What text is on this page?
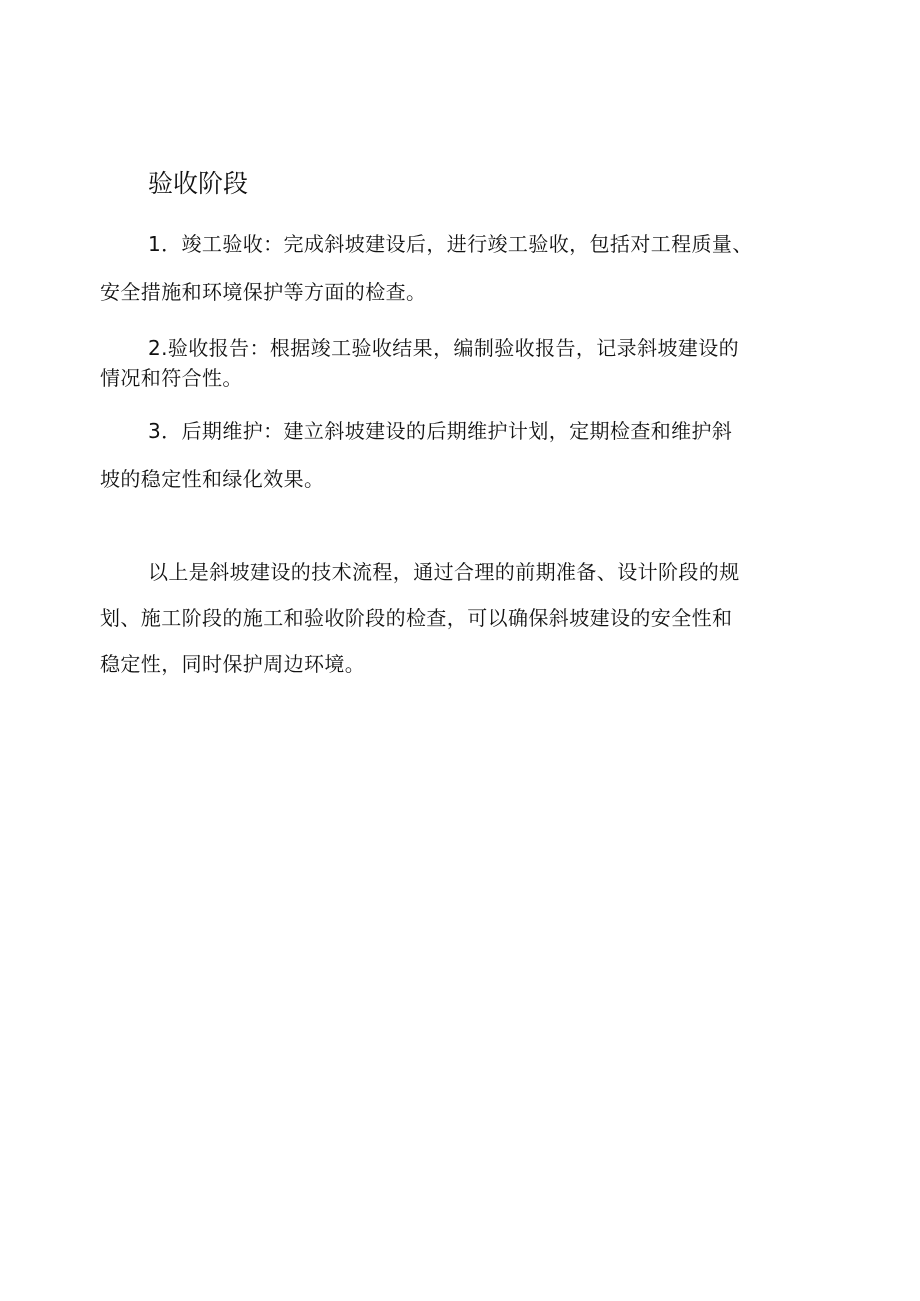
验收阶段

1．竣工验收：完成斜坡建设后，进行竣工验收，包括对工程质量、
安全措施和环境保护等方面的检查。

2.验收报告：根据竣工验收结果，编制验收报告，记录斜坡建设的
情况和符合性。

3．后期维护：建立斜坡建设的后期维护计划，定期检查和维护斜
坡的稳定性和绿化效果。

以上是斜坡建设的技术流程，通过合理的前期准备、设计阶段的规
划、施工阶段的施工和验收阶段的检查，可以确保斜坡建设的安全性和
稳定性，同时保护周边环境。
